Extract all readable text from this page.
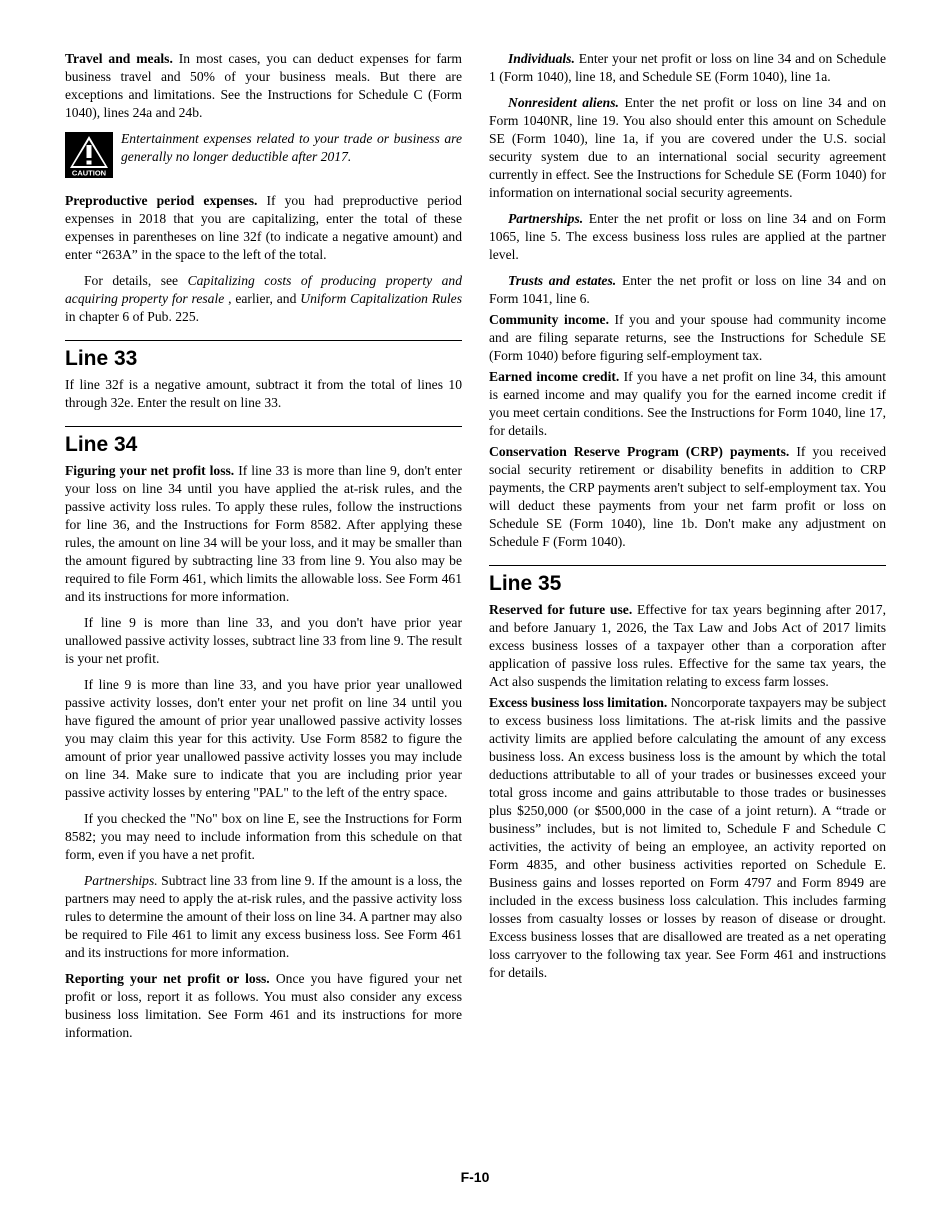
Travel and meals. In most cases, you can deduct expenses for farm business travel and 50% of your business meals. But there are exceptions and limitations. See the Instructions for Schedule C (Form 1040), lines 24a and 24b.

CAUTION
Entertainment expenses related to your trade or business are generally no longer deductible after 2017.

Preproductive period expenses. If you had preproductive period expenses in 2018 that you are capitalizing, enter the total of these expenses in parentheses on line 32f (to indicate a negative amount) and enter “263A” in the space to the left of the total.

For details, see Capitalizing costs of producing property and acquiring property for resale , earlier, and Uniform Capitalization Rules in chapter 6 of Pub. 225.

Line 33

If line 32f is a negative amount, subtract it from the total of lines 10 through 32e. Enter the result on line 33.

Line 34

Figuring your net profit loss. If line 33 is more than line 9, don't enter your loss on line 34 until you have applied the at-risk rules, and the passive activity loss rules. To apply these rules, follow the instructions for line 36, and the Instructions for Form 8582. After applying these rules, the amount on line 34 will be your loss, and it may be smaller than the amount figured by subtracting line 33 from line 9. You also may be required to file Form 461, which limits the allowable loss. See Form 461 and its instructions for more information.

If line 9 is more than line 33, and you don't have prior year unallowed passive activity losses, subtract line 33 from line 9. The result is your net profit.

If line 9 is more than line 33, and you have prior year unallowed passive activity losses, don't enter your net profit on line 34 until you have figured the amount of prior year unallowed passive activity losses you may claim this year for this activity. Use Form 8582 to figure the amount of prior year unallowed passive activity losses you may include on line 34. Make sure to indicate that you are including prior year passive activity losses by entering "PAL" to the left of the entry space.

If you checked the "No" box on line E, see the Instructions for Form 8582; you may need to include information from this schedule on that form, even if you have a net profit.

Partnerships. Subtract line 33 from line 9. If the amount is a loss, the partners may need to apply the at-risk rules, and the passive activity loss rules to determine the amount of their loss on line 34. A partner may also be required to File 461 to limit any excess business loss. See Form 461 and its instructions for more information.

Reporting your net profit or loss. Once you have figured your net profit or loss, report it as follows. You must also consider any excess business loss limitation. See Form 461 and its instructions for more information.

Individuals. Enter your net profit or loss on line 34 and on Schedule 1 (Form 1040), line 18, and Schedule SE (Form 1040), line 1a.

Nonresident aliens. Enter the net profit or loss on line 34 and on Form 1040NR, line 19. You also should enter this amount on Schedule SE (Form 1040), line 1a, if you are covered under the U.S. social security system due to an international social security agreement currently in effect. See the Instructions for Schedule SE (Form 1040) for information on international social security agreements.

Partnerships. Enter the net profit or loss on line 34 and on Form 1065, line 5. The excess business loss rules are applied at the partner level.

Trusts and estates. Enter the net profit or loss on line 34 and on Form 1041, line 6.

Community income. If you and your spouse had community income and are filing separate returns, see the Instructions for Schedule SE (Form 1040) before figuring self-employment tax.

Earned income credit. If you have a net profit on line 34, this amount is earned income and may qualify you for the earned income credit if you meet certain conditions. See the Instructions for Form 1040, line 17, for details.

Conservation Reserve Program (CRP) payments. If you received social security retirement or disability benefits in addition to CRP payments, the CRP payments aren't subject to self-employment tax. You will deduct these payments from your net farm profit or loss on Schedule SE (Form 1040), line 1b. Don't make any adjustment on Schedule F (Form 1040).

Line 35

Reserved for future use. Effective for tax years beginning after 2017, and before January 1, 2026, the Tax Law and Jobs Act of 2017 limits excess business losses of a taxpayer other than a corporation after application of passive loss rules. Effective for the same tax years, the Act also suspends the limitation relating to excess farm losses.

Excess business loss limitation. Noncorporate taxpayers may be subject to excess business loss limitations. The at-risk limits and the passive activity limits are applied before calculating the amount of any excess business loss. An excess business loss is the amount by which the total deductions attributable to all of your trades or businesses exceed your total gross income and gains attributable to those trades or businesses plus $250,000 (or $500,000 in the case of a joint return). A “trade or business” includes, but is not limited to, Schedule F and Schedule C activities, the activity of being an employee, an activity reported on Form 4835, and other business activities reported on Schedule E. Business gains and losses reported on Form 4797 and Form 8949 are included in the excess business loss calculation. This includes farming losses from casualty losses or losses by reason of disease or drought. Excess business losses that are disallowed are treated as a net operating loss carryover to the following tax year. See Form 461 and instructions for details.

F-10
